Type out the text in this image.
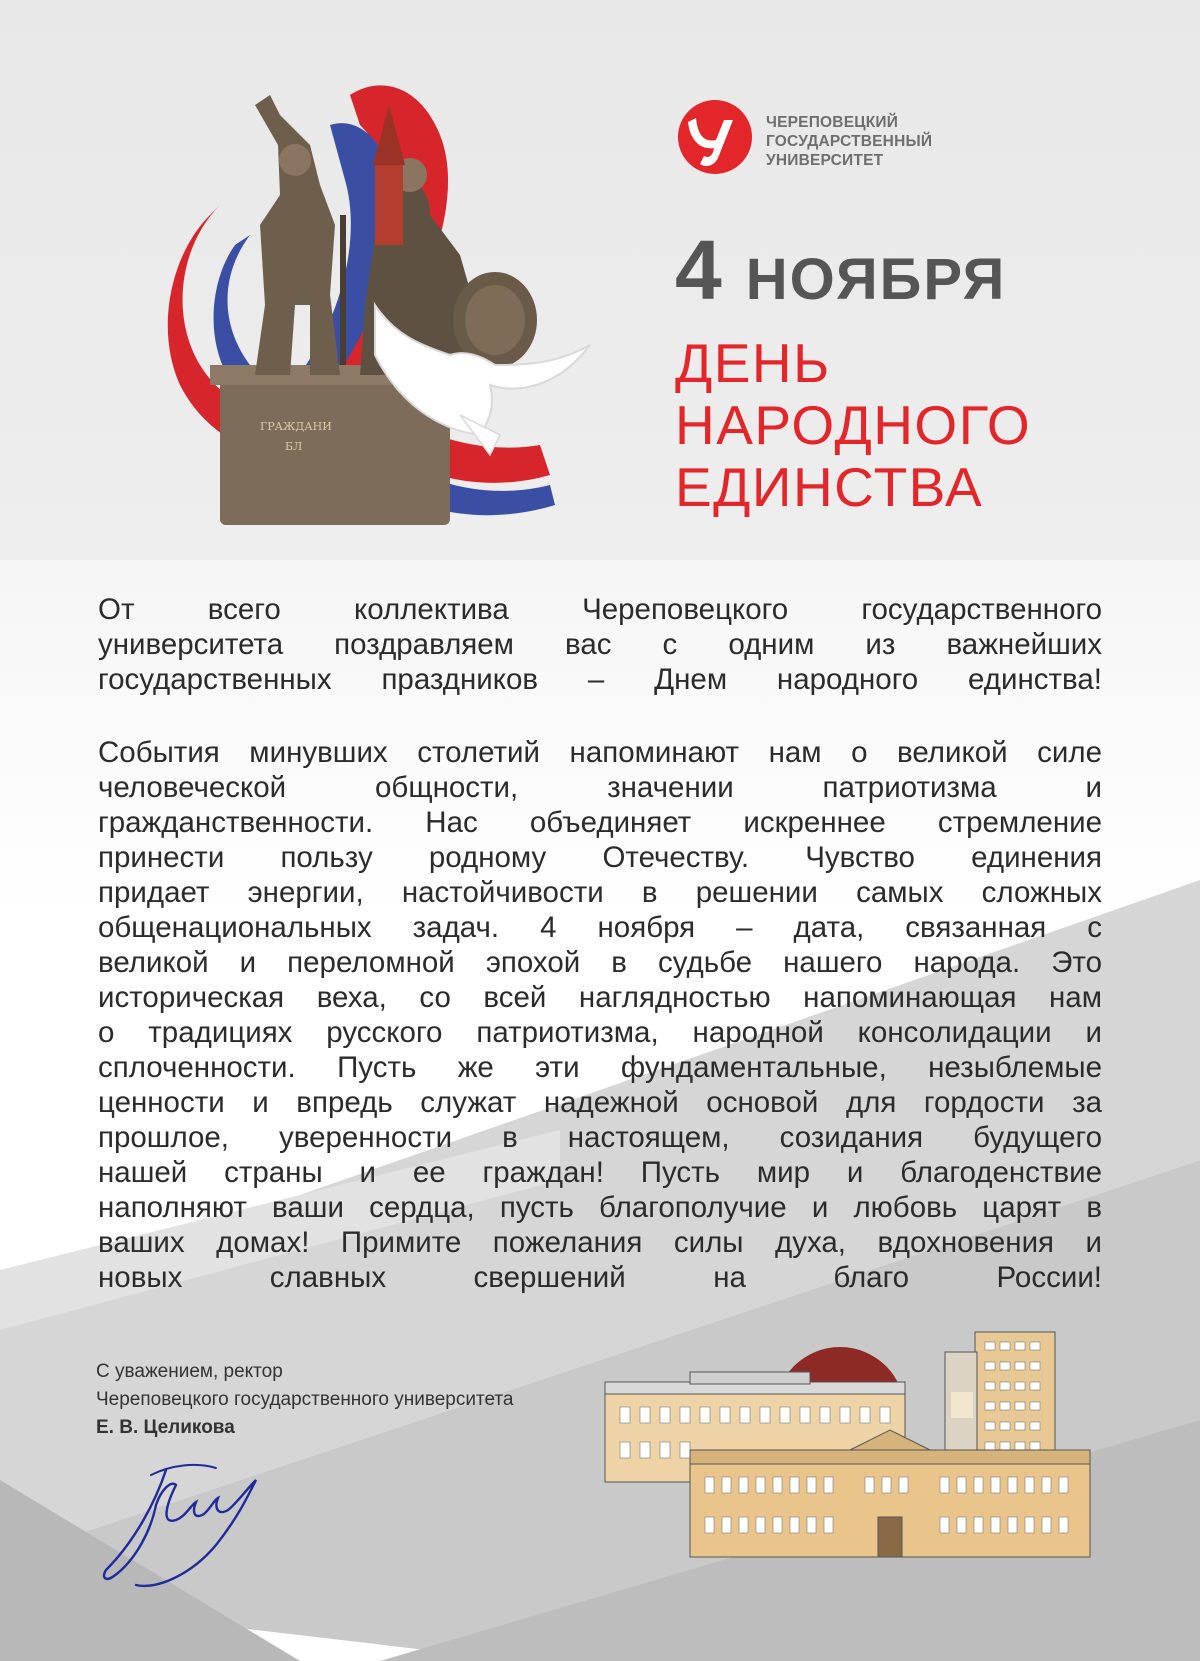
ГРАЖДАНИ
БЛ
ЧЕРЕПОВЕЦКИЙ
ГОСУДАРСТВЕННЫЙ
УНИВЕРСИТЕТ
4 НОЯБРЯ
ДЕНЬ
НАРОДНОГО
ЕДИНСТВА
От всего коллектива Череповецкого государственного
университета поздравляем вас с одним из важнейших
государственных праздников – Днем народного единства!
События минувших столетий напоминают нам о великой силе
человеческой общности, значении патриотизма и
гражданственности. Нас объединяет искреннее стремление
принести пользу родному Отечеству. Чувство единения
придает энергии, настойчивости в решении самых сложных
общенациональных задач. 4 ноября – дата, связанная с
великой и переломной эпохой в судьбе нашего народа. Это
историческая веха, со всей наглядностью напоминающая нам
о традициях русского патриотизма, народной консолидации и
сплоченности. Пусть же эти фундаментальные, незыблемые
ценности и впредь служат надежной основой для гордости за
прошлое, уверенности в настоящем, созидания будущего
нашей страны и ее граждан! Пусть мир и благоденствие
наполняют ваши сердца, пусть благополучие и любовь царят в
ваших домах! Примите пожелания силы духа, вдохновения и
новых славных свершений на благо России!
С уважением, ректор
Череповецкого государственного университета
Е. В. Целикова
